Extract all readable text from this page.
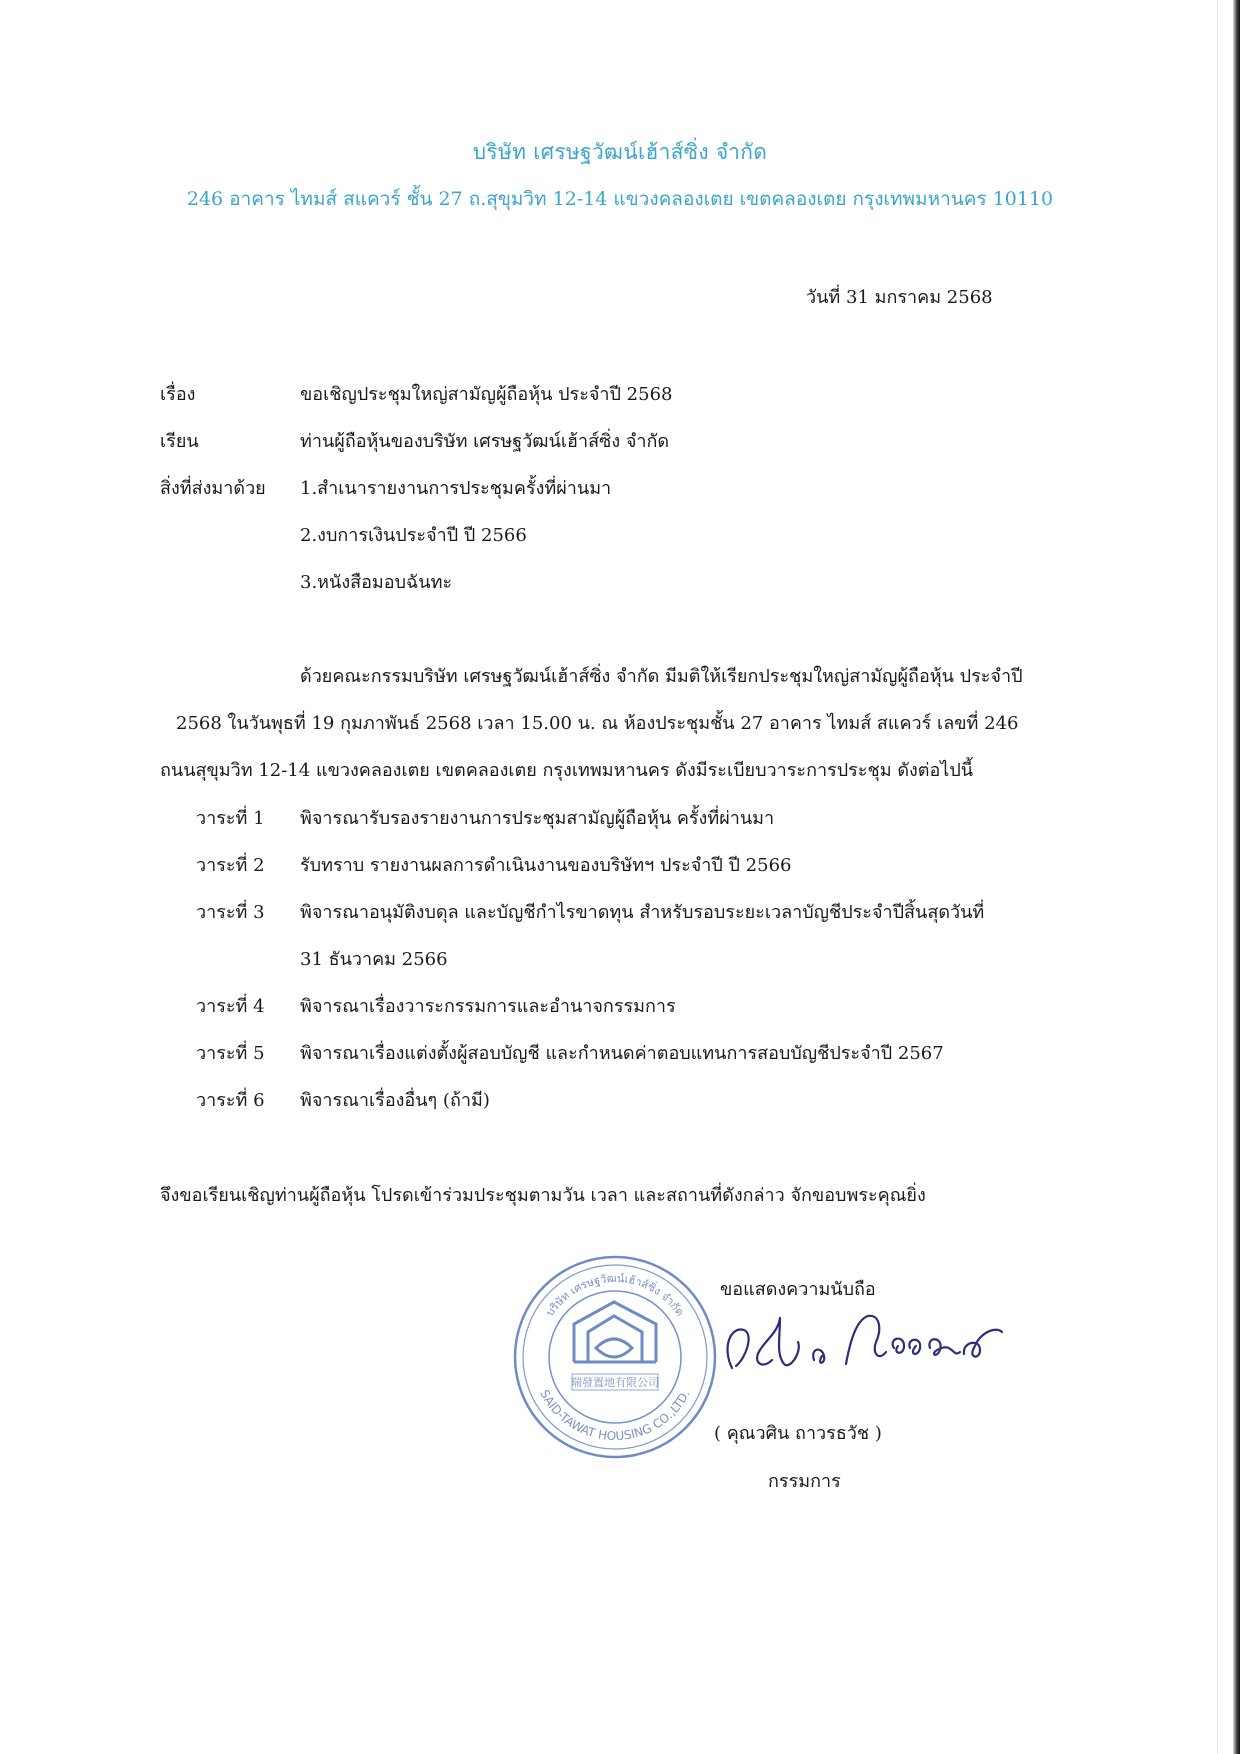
บริษัท เศรษฐวัฒน์เฮ้าส์ซิ่ง จำกัด
246 อาคาร ไทมส์ สแควร์ ชั้น 27 ถ.สุขุมวิท 12-14 แขวงคลองเตย เขตคลองเตย กรุงเทพมหานคร 10110
วันที่ 31 มกราคม 2568
เรื่อง	ขอเชิญประชุมใหญ่สามัญผู้ถือหุ้น ประจำปี 2568
เรียน	ท่านผู้ถือหุ้นของบริษัท เศรษฐวัฒน์เฮ้าส์ซิ่ง จำกัด
สิ่งที่ส่งมาด้วย 1.สำเนารายงานการประชุมครั้งที่ผ่านมา
2.งบการเงินประจำปี ปี 2566
3.หนังสือมอบฉันทะ
ด้วยคณะกรรมบริษัท เศรษฐวัฒน์เฮ้าส์ซิ่ง จำกัด มีมติให้เรียกประชุมใหญ่สามัญผู้ถือหุ้น ประจำปี
2568 ในวันพุธที่ 19 กุมภาพันธ์ 2568 เวลา 15.00 น. ณ ห้องประชุมชั้น 27 อาคาร ไทมส์ สแควร์ เลขที่ 246
ถนนสุขุมวิท 12-14 แขวงคลองเตย เขตคลองเตย กรุงเทพมหานคร ดังมีระเบียบวาระการประชุม ดังต่อไปนี้
วาระที่ 1 พิจารณารับรองรายงานการประชุมสามัญผู้ถือหุ้น ครั้งที่ผ่านมา
วาระที่ 2 รับทราบ รายงานผลการดำเนินงานของบริษัทฯ ประจำปี ปี 2566
วาระที่ 3 พิจารณาอนุมัติงบดุล และบัญชีกำไรขาดทุน สำหรับรอบระยะเวลาบัญชีประจำปีสิ้นสุดวันที่
31 ธันวาคม 2566
วาระที่ 4 พิจารณาเรื่องวาระกรรมการและอำนาจกรรมการ
วาระที่ 5 พิจารณาเรื่องแต่งตั้งผู้สอบบัญชี และกำหนดค่าตอบแทนการสอบบัญชีประจำปี 2567
วาระที่ 6 พิจารณาเรื่องอื่นๆ (ถ้ามี)
จึงขอเรียนเชิญท่านผู้ถือหุ้น โปรดเข้าร่วมประชุมตามวัน เวลา และสถานที่ดังกล่าว จักขอบพระคุณยิ่ง
บริษัท เศรษฐวัฒน์เฮ้าส์ซิ่ง จำกัด
SAID-TAWAT HOUSING CO.,LTD.
瑞發置地有限公司
ขอแสดงความนับถือ
( คุณวศิน ถาวรธวัช )
กรรมการ
